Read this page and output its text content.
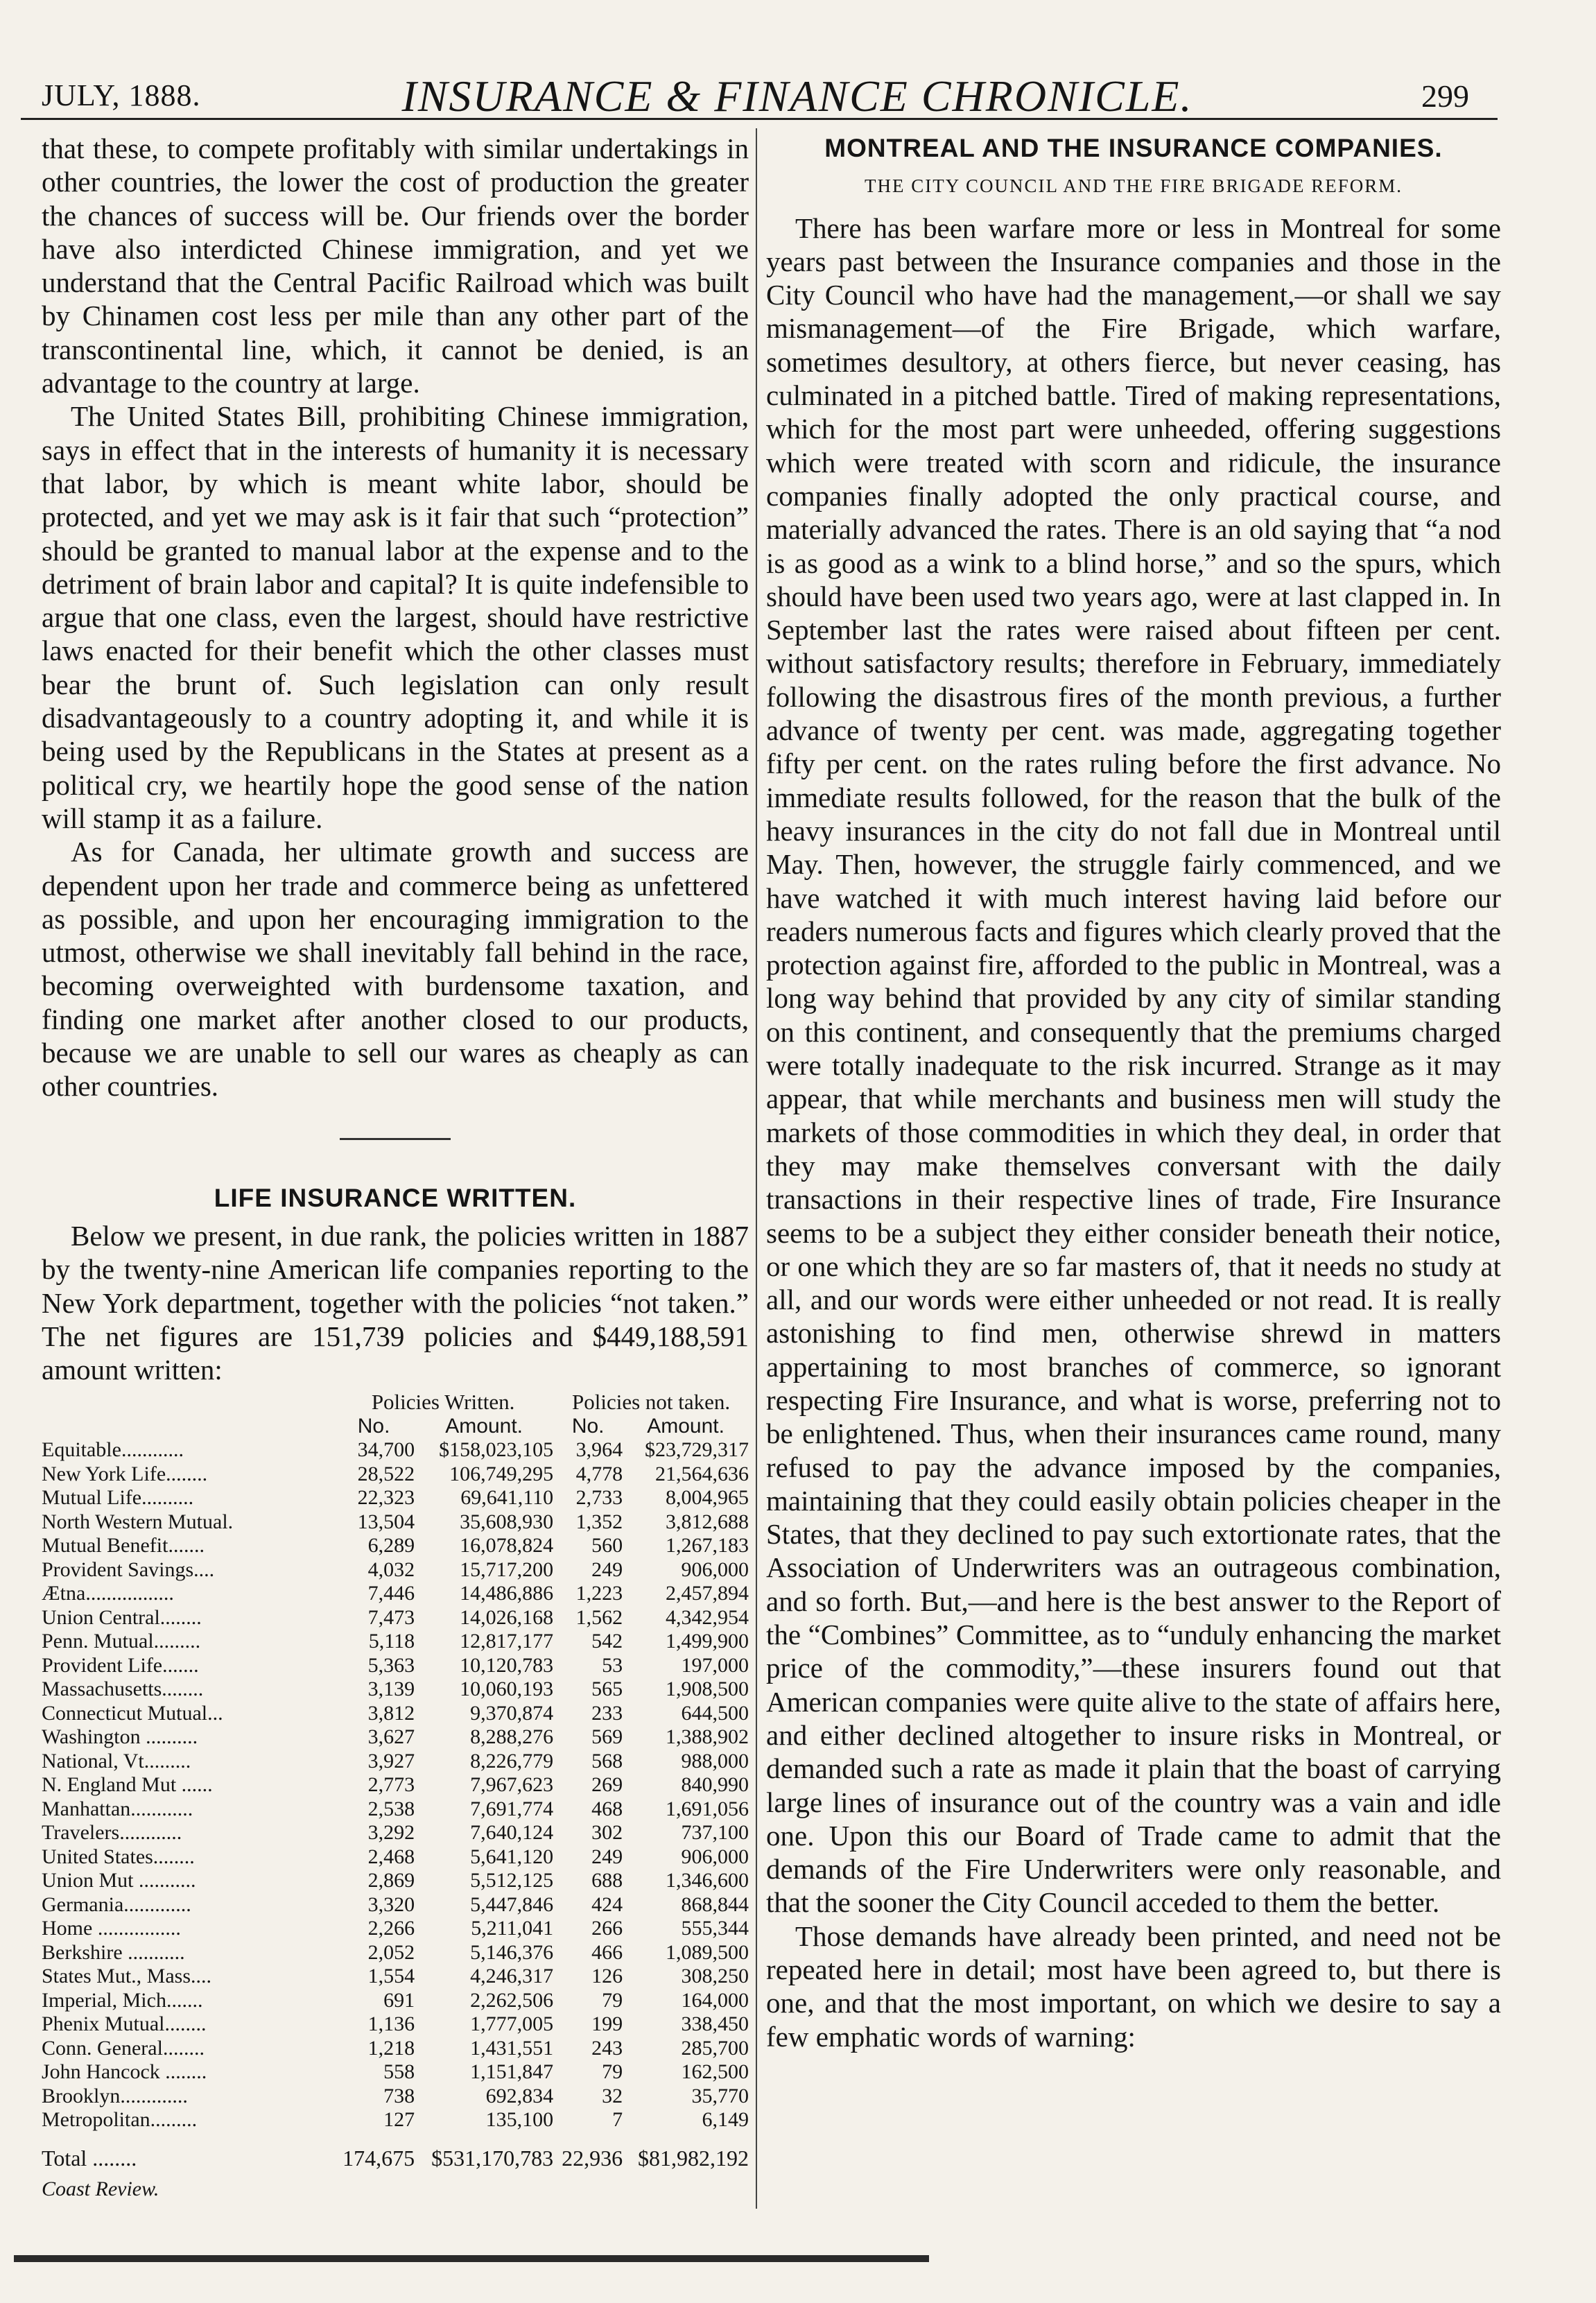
JULY, 1888.	INSURANCE & FINANCE CHRONICLE.	299

that these, to compete profitably with similar undertakings in other countries, the lower the cost of production the greater the chances of success will be. Our friends over the border have also interdicted Chinese immigration, and yet we understand that the Central Pacific Railroad which was built by Chinamen cost less per mile than any other part of the transcontinental line, which, it cannot be denied, is an advantage to the country at large.

The United States Bill, prohibiting Chinese immigration, says in effect that in the interests of humanity it is necessary that labor, by which is meant white labor, should be protected, and yet we may ask is it fair that such “protection” should be granted to manual labor at the expense and to the detriment of brain labor and capital? It is quite indefensible to argue that one class, even the largest, should have restrictive laws enacted for their benefit which the other classes must bear the brunt of. Such legislation can only result disadvantageously to a country adopting it, and while it is being used by the Republicans in the States at present as a political cry, we heartily hope the good sense of the nation will stamp it as a failure.

As for Canada, her ultimate growth and success are dependent upon her trade and commerce being as unfettered as possible, and upon her encouraging immigration to the utmost, otherwise we shall inevitably fall behind in the race, becoming overweighted with burdensome taxation, and finding one market after another closed to our products, because we are unable to sell our wares as cheaply as can other countries.

LIFE INSURANCE WRITTEN.

Below we present, in due rank, the policies written in 1887 by the twenty-nine American life companies reporting to the New York department, together with the policies “not taken.” The net figures are 151,739 policies and $449,188,591 amount written:

	Policies Written.		Policies not taken.	
	No.	Amount.	No.	Amount.
Equitable............	34,700	$158,023,105	3,964	$23,729,317
New York Life........	28,522	106,749,295	4,778	21,564,636
Mutual Life..........	22,323	69,641,110	2,733	8,004,965
North Western Mutual.	13,504	35,608,930	1,352	3,812,688
Mutual Benefit.......	6,289	16,078,824	560	1,267,183
Provident Savings....	4,032	15,717,200	249	906,000
Ætna.................	7,446	14,486,886	1,223	2,457,894
Union Central........	7,473	14,026,168	1,562	4,342,954
Penn. Mutual.........	5,118	12,817,177	542	1,499,900
Provident Life.......	5,363	10,120,783	53	197,000
Massachusetts........	3,139	10,060,193	565	1,908,500
Connecticut Mutual...	3,812	9,370,874	233	644,500
Washington ..........	3,627	8,288,276	569	1,388,902
National, Vt.........	3,927	8,226,779	568	988,000
N. England Mut ......	2,773	7,967,623	269	840,990
Manhattan............	2,538	7,691,774	468	1,691,056
Travelers............	3,292	7,640,124	302	737,100
United States........	2,468	5,641,120	249	906,000
Union Mut ...........	2,869	5,512,125	688	1,346,600
Germania.............	3,320	5,447,846	424	868,844
Home ................	2,266	5,211,041	266	555,344
Berkshire ...........	2,052	5,146,376	466	1,089,500
States Mut., Mass....	1,554	4,246,317	126	308,250
Imperial, Mich.......	691	2,262,506	79	164,000
Phenix Mutual........	1,136	1,777,005	199	338,450
Conn. General........	1,218	1,431,551	243	285,700
John Hancock ........	558	1,151,847	79	162,500
Brooklyn.............	738	692,834	32	35,770
Metropolitan.........	127	135,100	7	6,149
Total ........	174,675	$531,170,783	22,936	$81,982,192
Coast Review.
MONTREAL AND THE INSURANCE COMPANIES.
THE CITY COUNCIL AND THE FIRE BRIGADE REFORM.

There has been warfare more or less in Montreal for some years past between the Insurance companies and those in the City Council who have had the management,—or shall we say mismanagement—of the Fire Brigade, which warfare, sometimes desultory, at others fierce, but never ceasing, has culminated in a pitched battle. Tired of making representations, which for the most part were unheeded, offering suggestions which were treated with scorn and ridicule, the insurance companies finally adopted the only practical course, and materially advanced the rates. There is an old saying that “a nod is as good as a wink to a blind horse,” and so the spurs, which should have been used two years ago, were at last clapped in. In September last the rates were raised about fifteen per cent. without satisfactory results; therefore in February, immediately following the disastrous fires of the month previous, a further advance of twenty per cent. was made, aggregating together fifty per cent. on the rates ruling before the first advance. No immediate results followed, for the reason that the bulk of the heavy insurances in the city do not fall due in Montreal until May. Then, however, the struggle fairly commenced, and we have watched it with much interest having laid before our readers numerous facts and figures which clearly proved that the protection against fire, afforded to the public in Montreal, was a long way behind that provided by any city of similar standing on this continent, and consequently that the premiums charged were totally inadequate to the risk incurred. Strange as it may appear, that while merchants and business men will study the markets of those commodities in which they deal, in order that they may make themselves conversant with the daily transactions in their respective lines of trade, Fire Insurance seems to be a subject they either consider beneath their notice, or one which they are so far masters of, that it needs no study at all, and our words were either unheeded or not read. It is really astonishing to find men, otherwise shrewd in matters appertaining to most branches of commerce, so ignorant respecting Fire Insurance, and what is worse, preferring not to be enlightened. Thus, when their insurances came round, many refused to pay the advance imposed by the companies, maintaining that they could easily obtain policies cheaper in the States, that they declined to pay such extortionate rates, that the Association of Underwriters was an outrageous combination, and so forth. But,—and here is the best answer to the Report of the “Combines” Committee, as to “unduly enhancing the market price of the commodity,”—these insurers found out that American companies were quite alive to the state of affairs here, and either declined altogether to insure risks in Montreal, or demanded such a rate as made it plain that the boast of carrying large lines of insurance out of the country was a vain and idle one. Upon this our Board of Trade came to admit that the demands of the Fire Underwriters were only reasonable, and that the sooner the City Council acceded to them the better.

Those demands have already been printed, and need not be repeated here in detail; most have been agreed to, but there is one, and that the most important, on which we desire to say a few emphatic words of warning:
